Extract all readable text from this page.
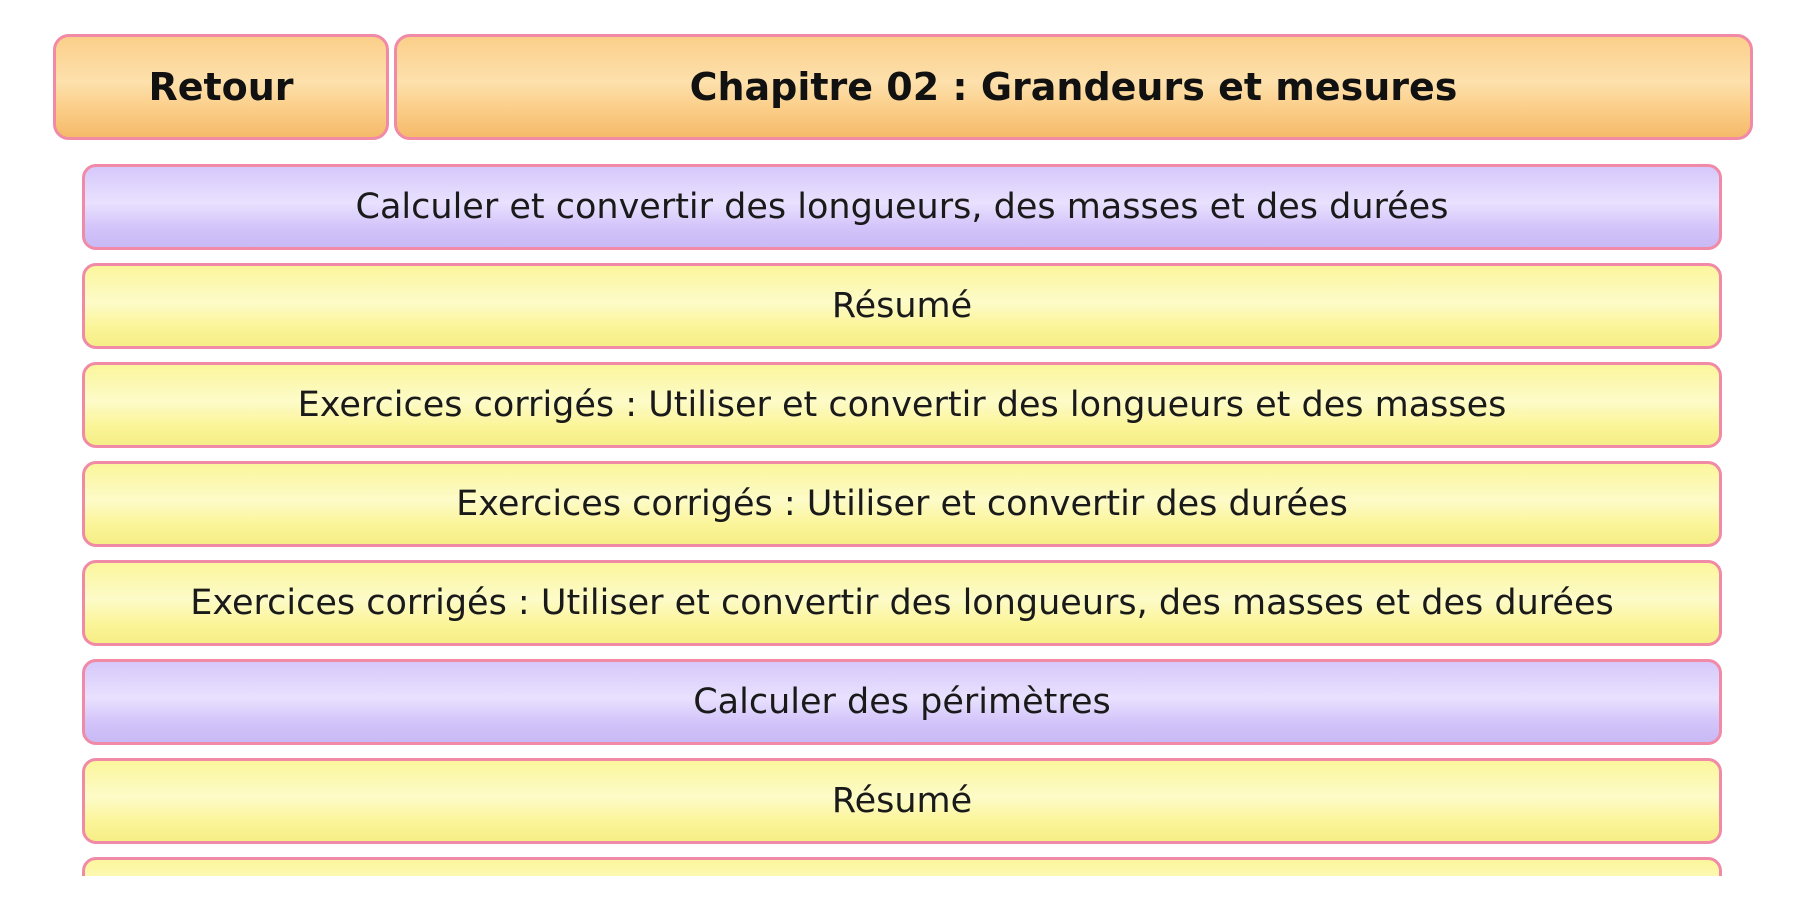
Retour	Chapitre 02 : Grandeurs et mesures
Calculer et convertir des longueurs, des masses et des durées
Résumé
Exercices corrigés : Utiliser et convertir des longueurs et des masses
Exercices corrigés : Utiliser et convertir des durées
Exercices corrigés : Utiliser et convertir des longueurs, des masses et des durées
Calculer des périmètres
Résumé
